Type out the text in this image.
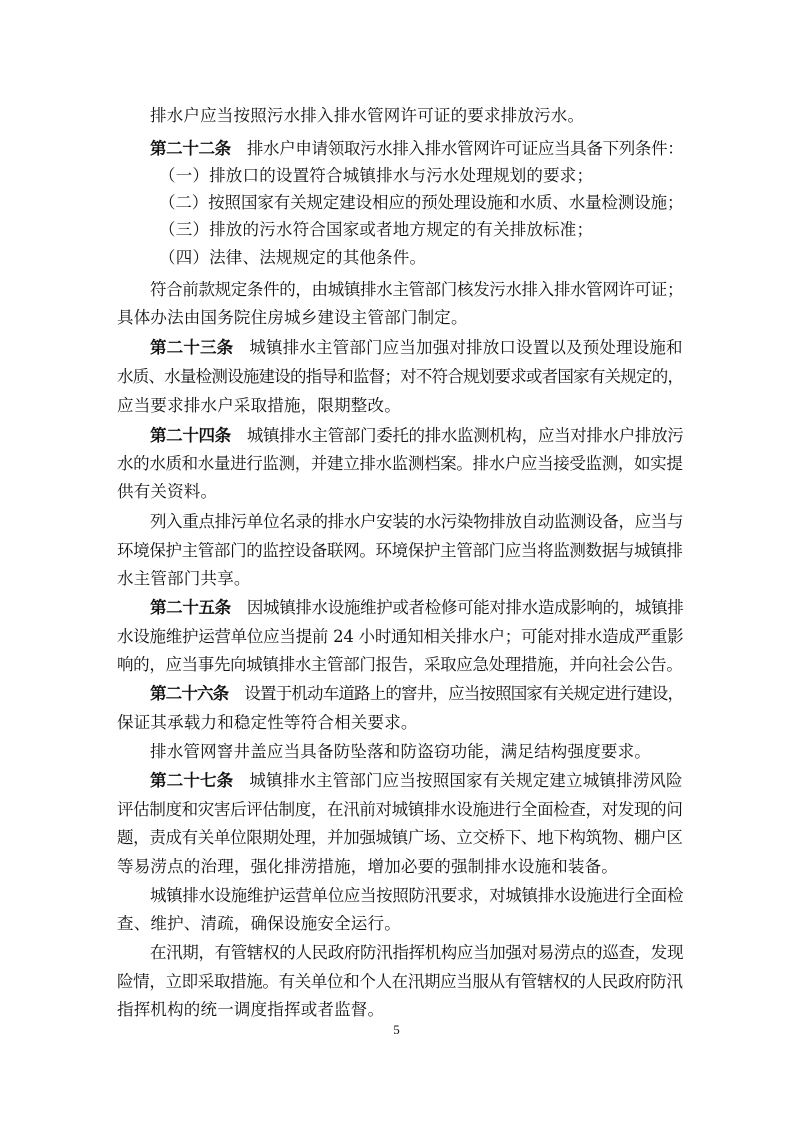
排水户应当按照污水排入排水管网许可证的要求排放污水。
第二十二条 排水户申请领取污水排入排水管网许可证应当具备下列条件：
（一）排放口的设置符合城镇排水与污水处理规划的要求；
（二）按照国家有关规定建设相应的预处理设施和水质、水量检测设施；
（三）排放的污水符合国家或者地方规定的有关排放标准；
（四）法律、法规规定的其他条件。
符合前款规定条件的，由城镇排水主管部门核发污水排入排水管网许可证；
具体办法由国务院住房城乡建设主管部门制定。
第二十三条 城镇排水主管部门应当加强对排放口设置以及预处理设施和
水质、水量检测设施建设的指导和监督；对不符合规划要求或者国家有关规定的，
应当要求排水户采取措施，限期整改。
第二十四条 城镇排水主管部门委托的排水监测机构，应当对排水户排放污
水的水质和水量进行监测，并建立排水监测档案。排水户应当接受监测，如实提
供有关资料。
列入重点排污单位名录的排水户安装的水污染物排放自动监测设备，应当与
环境保护主管部门的监控设备联网。环境保护主管部门应当将监测数据与城镇排
水主管部门共享。
第二十五条 因城镇排水设施维护或者检修可能对排水造成影响的，城镇排
水设施维护运营单位应当提前 24 小时通知相关排水户；可能对排水造成严重影
响的，应当事先向城镇排水主管部门报告，采取应急处理措施，并向社会公告。
第二十六条 设置于机动车道路上的窨井，应当按照国家有关规定进行建设，
保证其承载力和稳定性等符合相关要求。
排水管网窨井盖应当具备防坠落和防盗窃功能，满足结构强度要求。
第二十七条 城镇排水主管部门应当按照国家有关规定建立城镇排涝风险
评估制度和灾害后评估制度，在汛前对城镇排水设施进行全面检查，对发现的问
题，责成有关单位限期处理，并加强城镇广场、立交桥下、地下构筑物、棚户区
等易涝点的治理，强化排涝措施，增加必要的强制排水设施和装备。
城镇排水设施维护运营单位应当按照防汛要求，对城镇排水设施进行全面检
查、维护、清疏，确保设施安全运行。
在汛期，有管辖权的人民政府防汛指挥机构应当加强对易涝点的巡查，发现
险情，立即采取措施。有关单位和个人在汛期应当服从有管辖权的人民政府防汛
指挥机构的统一调度指挥或者监督。
5
